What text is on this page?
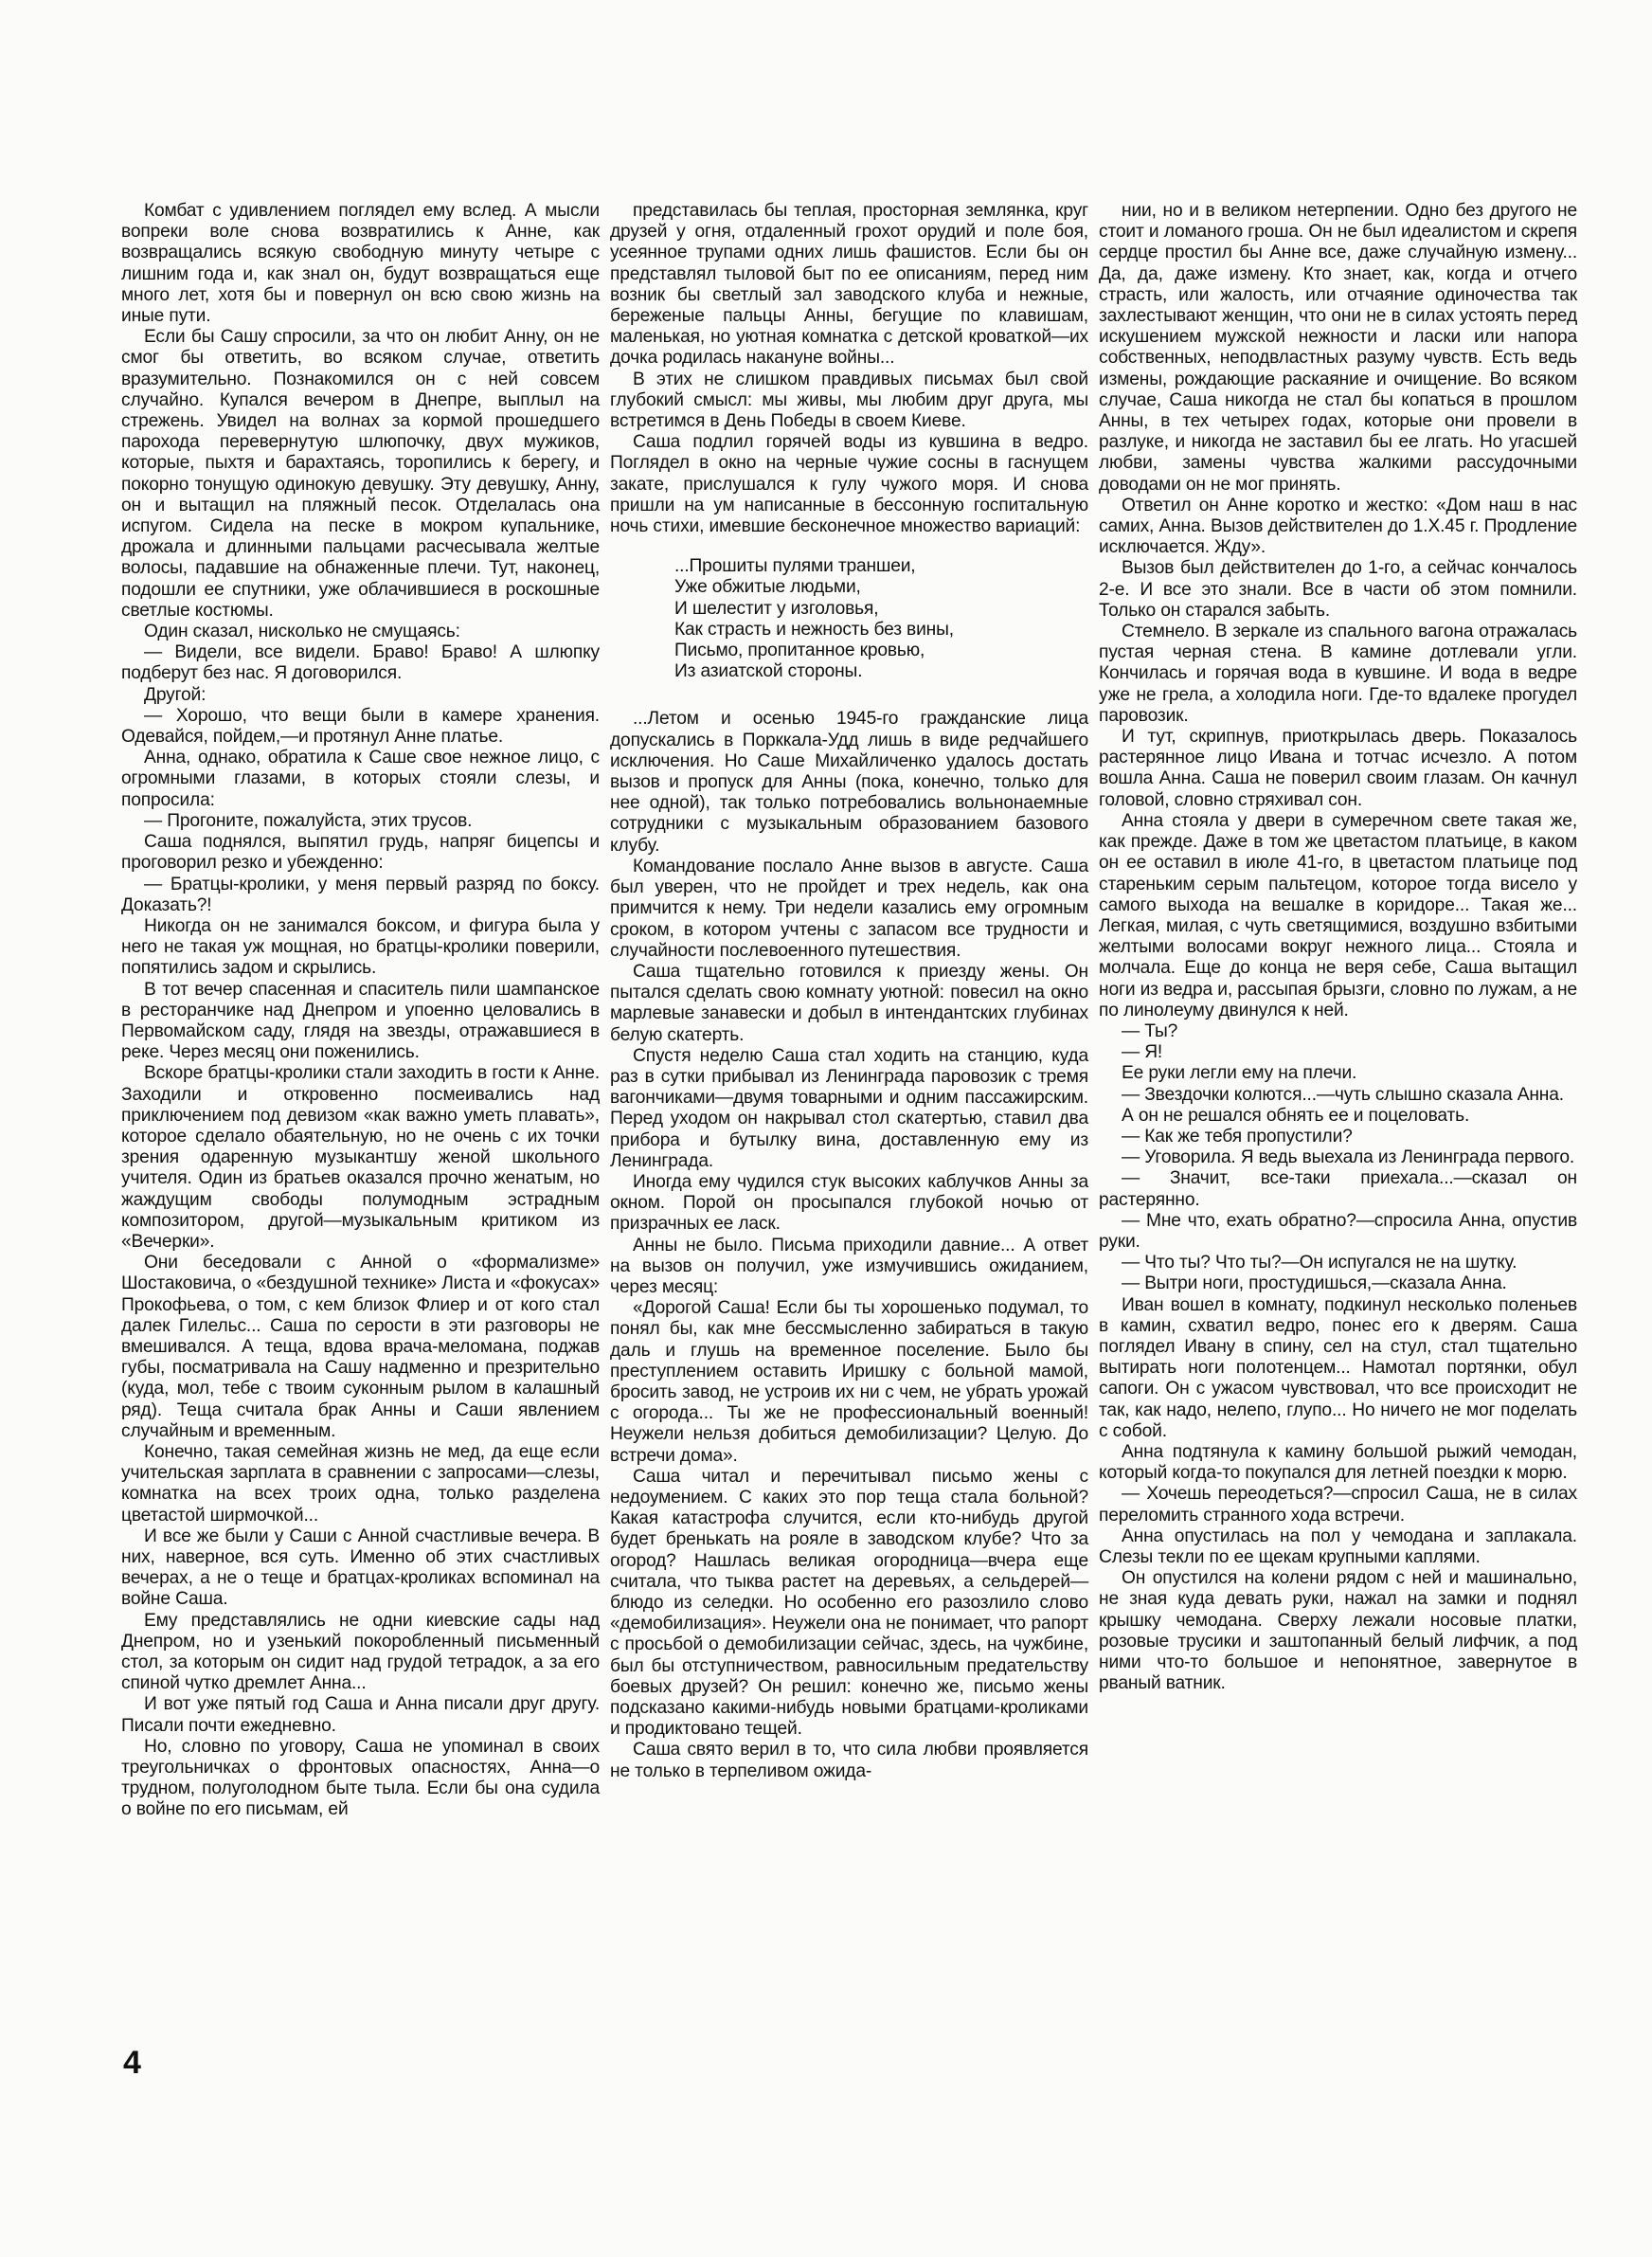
Комбат с удивлением поглядел ему вслед. А мысли вопреки воле снова возвратились к Анне, как возвращались всякую свободную минуту четыре с лишним года и, как знал он, будут возвращаться еще много лет, хотя бы и повернул он всю свою жизнь на иные пути.

Если бы Сашу спросили, за что он любит Анну, он не смог бы ответить, во всяком случае, ответить вразумительно. Познакомился он с ней совсем случайно. Купался вечером в Днепре, выплыл на стрежень. Увидел на волнах за кормой прошедшего парохода перевернутую шлюпочку, двух мужиков, которые, пыхтя и барахтаясь, торопились к берегу, и покорно тонущую одинокую девушку. Эту девушку, Анну, он и вытащил на пляжный песок. Отделалась она испугом. Сидела на песке в мокром купальнике, дрожала и длинными пальцами расчесывала желтые волосы, падавшие на обнаженные плечи. Тут, наконец, подошли ее спутники, уже облачившиеся в роскошные светлые костюмы.

Один сказал, нисколько не смущаясь:

— Видели, все видели. Браво! Браво! А шлюпку подберут без нас. Я договорился.

Другой:

— Хорошо, что вещи были в камере хранения. Одевайся, пойдем,—и протянул Анне платье.

Анна, однако, обратила к Саше свое нежное лицо, с огромными глазами, в которых стояли слезы, и попросила:

— Прогоните, пожалуйста, этих трусов.

Саша поднялся, выпятил грудь, напряг бицепсы и проговорил резко и убежденно:

— Братцы-кролики, у меня первый разряд по боксу. Доказать?!

Никогда он не занимался боксом, и фигура была у него не такая уж мощная, но братцы-кролики поверили, попятились задом и скрылись.

В тот вечер спасенная и спаситель пили шампанское в ресторанчике над Днепром и упоенно целовались в Первомайском саду, глядя на звезды, отражавшиеся в реке. Через месяц они поженились.

Вскоре братцы-кролики стали заходить в гости к Анне. Заходили и откровенно посмеивались над приключением под девизом «как важно уметь плавать», которое сделало обаятельную, но не очень с их точки зрения одаренную музыкантшу женой школьного учителя. Один из братьев оказался прочно женатым, но жаждущим свободы полумодным эстрадным композитором, другой—музыкальным критиком из «Вечерки».

Они беседовали с Анной о «формализме» Шостаковича, о «бездушной технике» Листа и «фокусах» Прокофьева, о том, с кем близок Флиер и от кого стал далек Гилельс... Саша по серости в эти разговоры не вмешивался. А теща, вдова врача-меломана, поджав губы, посматривала на Сашу надменно и презрительно (куда, мол, тебе с твоим суконным рылом в калашный ряд). Теща считала брак Анны и Саши явлением случайным и временным.

Конечно, такая семейная жизнь не мед, да еще если учительская зарплата в сравнении с запросами—слезы, комнатка на всех троих одна, только разделена цветастой ширмочкой...

И все же были у Саши с Анной счастливые вечера. В них, наверное, вся суть. Именно об этих счастливых вечерах, а не о теще и братцах-кроликах вспоминал на войне Саша.

Ему представлялись не одни киевские сады над Днепром, но и узенький покоробленный письменный стол, за которым он сидит над грудой тетрадок, а за его спиной чутко дремлет Анна...

И вот уже пятый год Саша и Анна писали друг другу. Писали почти ежедневно.

Но, словно по уговору, Саша не упоминал в своих треугольничках о фронтовых опасностях, Анна—о трудном, полуголодном быте тыла. Если бы она судила о войне по его письмам, ей

представилась бы теплая, просторная землянка, круг друзей у огня, отдаленный грохот орудий и поле боя, усеянное трупами одних лишь фашистов. Если бы он представлял тыловой быт по ее описаниям, перед ним возник бы светлый зал заводского клуба и нежные, береженые пальцы Анны, бегущие по клавишам, маленькая, но уютная комнатка с детской кроваткой—их дочка родилась накануне войны...

В этих не слишком правдивых письмах был свой глубокий смысл: мы живы, мы любим друг друга, мы встретимся в День Победы в своем Киеве.

Саша подлил горячей воды из кувшина в ведро. Поглядел в окно на черные чужие сосны в гаснущем закате, прислушался к гулу чужого моря. И снова пришли на ум написанные в бессонную госпитальную ночь стихи, имевшие бесконечное множество вариаций:

...Прошиты пулями траншеи,
Уже обжитые людьми,
И шелестит у изголовья,
Как страсть и нежность без вины,
Письмо, пропитанное кровью,
Из азиатской стороны.

...Летом и осенью 1945-го гражданские лица допускались в Порккала-Удд лишь в виде редчайшего исключения. Но Саше Михайличенко удалось достать вызов и пропуск для Анны (пока, конечно, только для нее одной), так только потребовались вольнонаемные сотрудники с музыкальным образованием базового клубу.

Командование послало Анне вызов в августе. Саша был уверен, что не пройдет и трех недель, как она примчится к нему. Три недели казались ему огромным сроком, в котором учтены с запасом все трудности и случайности послевоенного путешествия.

Саша тщательно готовился к приезду жены. Он пытался сделать свою комнату уютной: повесил на окно марлевые занавески и добыл в интендантских глубинах белую скатерть.

Спустя неделю Саша стал ходить на станцию, куда раз в сутки прибывал из Ленинграда паровозик с тремя вагончиками—двумя товарными и одним пассажирским. Перед уходом он накрывал стол скатертью, ставил два прибора и бутылку вина, доставленную ему из Ленинграда.

Иногда ему чудился стук высоких каблучков Анны за окном. Порой он просыпался глубокой ночью от призрачных ее ласк.

Анны не было. Письма приходили давние... А ответ на вызов он получил, уже измучившись ожиданием, через месяц:

«Дорогой Саша! Если бы ты хорошенько подумал, то понял бы, как мне бессмысленно забираться в такую даль и глушь на временное поселение. Было бы преступлением оставить Иришку с больной мамой, бросить завод, не устроив их ни с чем, не убрать урожай с огорода... Ты же не профессиональный военный! Неужели нельзя добиться демобилизации? Целую. До встречи дома».

Саша читал и перечитывал письмо жены с недоумением. С каких это пор теща стала больной? Какая катастрофа случится, если кто-нибудь другой будет бренькать на рояле в заводском клубе? Что за огород? Нашлась великая огородница—вчера еще считала, что тыква растет на деревьях, а сельдерей—блюдо из селедки. Но особенно его разозлило слово «демобилизация». Неужели она не понимает, что рапорт с просьбой о демобилизации сейчас, здесь, на чужбине, был бы отступничеством, равносильным предательству боевых друзей? Он решил: конечно же, письмо жены подсказано какими-нибудь новыми братцами-кроликами и продиктовано тещей.

Саша свято верил в то, что сила любви проявляется не только в терпеливом ожида-

нии, но и в великом нетерпении. Одно без другого не стоит и ломаного гроша. Он не был идеалистом и скрепя сердце простил бы Анне все, даже случайную измену... Да, да, даже измену. Кто знает, как, когда и отчего страсть, или жалость, или отчаяние одиночества так захлестывают женщин, что они не в силах устоять перед искушением мужской нежности и ласки или напора собственных, неподвластных разуму чувств. Есть ведь измены, рождающие раскаяние и очищение. Во всяком случае, Саша никогда не стал бы копаться в прошлом Анны, в тех четырех годах, которые они провели в разлуке, и никогда не заставил бы ее лгать. Но угасшей любви, замены чувства жалкими рассудочными доводами он не мог принять.

Ответил он Анне коротко и жестко: «Дом наш в нас самих, Анна. Вызов действителен до 1.X.45 г. Продление исключается. Жду».

Вызов был действителен до 1-го, а сейчас кончалось 2-е. И все это знали. Все в части об этом помнили. Только он старался забыть.

Стемнело. В зеркале из спального вагона отражалась пустая черная стена. В камине дотлевали угли. Кончилась и горячая вода в кувшине. И вода в ведре уже не грела, а холодила ноги. Где-то вдалеке прогудел паровозик.

И тут, скрипнув, приоткрылась дверь. Показалось растерянное лицо Ивана и тотчас исчезло. А потом вошла Анна. Саша не поверил своим глазам. Он качнул головой, словно стряхивал сон.

Анна стояла у двери в сумеречном свете такая же, как прежде. Даже в том же цветастом платьице, в каком он ее оставил в июле 41-го, в цветастом платьице под стареньким серым пальтецом, которое тогда висело у самого выхода на вешалке в коридоре... Такая же... Легкая, милая, с чуть светящимися, воздушно взбитыми желтыми волосами вокруг нежного лица... Стояла и молчала. Еще до конца не веря себе, Саша вытащил ноги из ведра и, рассыпая брызги, словно по лужам, а не по линолеуму двинулся к ней.

— Ты?

— Я!

Ее руки легли ему на плечи.

— Звездочки колются...—чуть слышно сказала Анна.

А он не решался обнять ее и поцеловать.

— Как же тебя пропустили?

— Уговорила. Я ведь выехала из Ленинграда первого.

— Значит, все-таки приехала...—сказал он растерянно.

— Мне что, ехать обратно?—спросила Анна, опустив руки.

— Что ты? Что ты?—Он испугался не на шутку.

— Вытри ноги, простудишься,—сказала Анна.

Иван вошел в комнату, подкинул несколько поленьев в камин, схватил ведро, понес его к дверям. Саша поглядел Ивану в спину, сел на стул, стал тщательно вытирать ноги полотенцем... Намотал портянки, обул сапоги. Он с ужасом чувствовал, что все происходит не так, как надо, нелепо, глупо... Но ничего не мог поделать с собой.

Анна подтянула к камину большой рыжий чемодан, который когда-то покупался для летней поездки к морю.

— Хочешь переодеться?—спросил Саша, не в силах переломить странного хода встречи.

Анна опустилась на пол у чемодана и заплакала. Слезы текли по ее щекам крупными каплями.

Он опустился на колени рядом с ней и машинально, не зная куда девать руки, нажал на замки и поднял крышку чемодана. Сверху лежали носовые платки, розовые трусики и заштопанный белый лифчик, а под ними что-то большое и непонятное, завернутое в рваный ватник.

4
